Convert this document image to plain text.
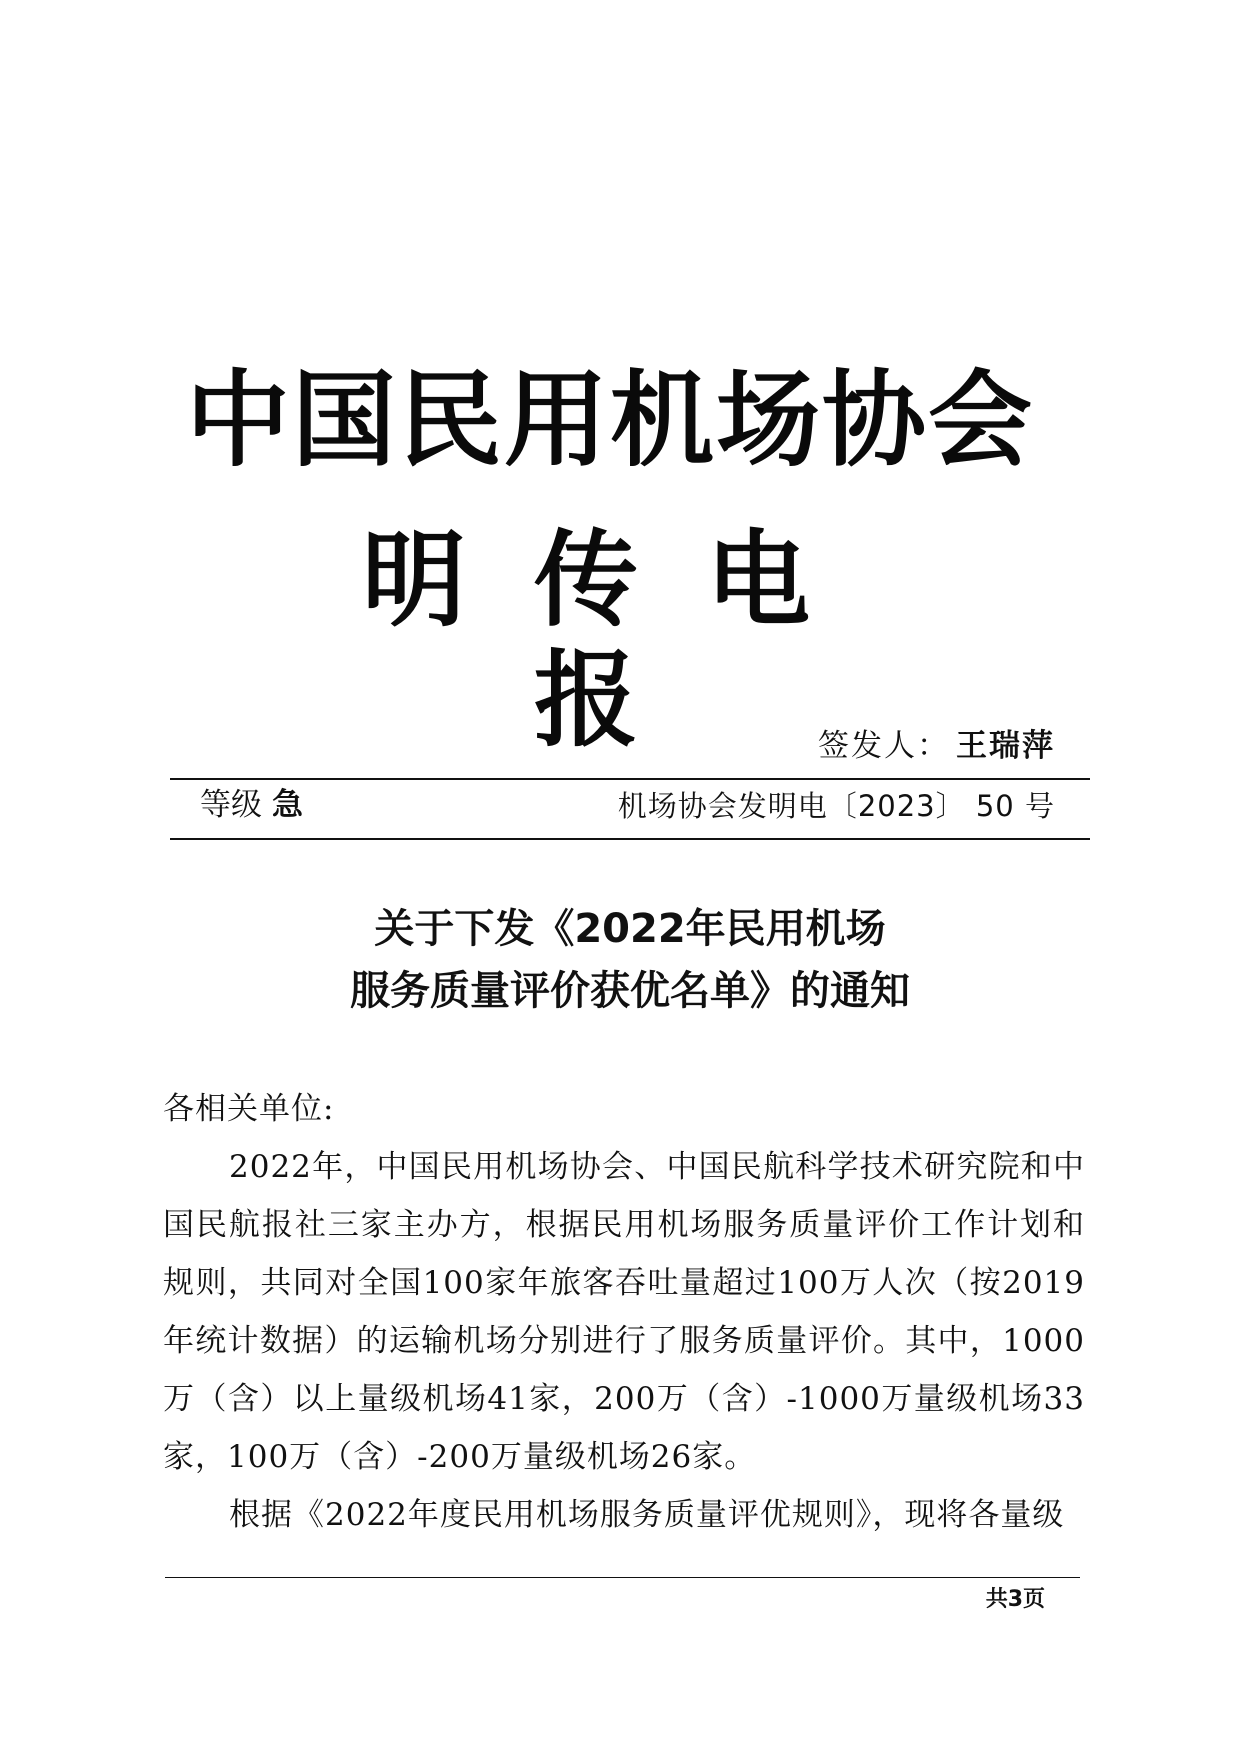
中国民用机场协会
明传电报	签发人： 王瑞萍
等级 急	机场协会发明电〔2023〕 50 号
关于下发《2022年民用机场
服务质量评价获优名单》的通知

各相关单位:

2022年，中国民用机场协会、中国民航科学技术研究院和中国民航报社三家主办方，根据民用机场服务质量评价工作计划和规则，共同对全国100家年旅客吞吐量超过100万人次（按2019年统计数据）的运输机场分别进行了服务质量评价。其中，1000万（含）以上量级机场41家，200万（含）-1000万量级机场33家，100万（含）-200万量级机场26家。

根据《2022年度民用机场服务质量评优规则》，现将各量级

共3页
